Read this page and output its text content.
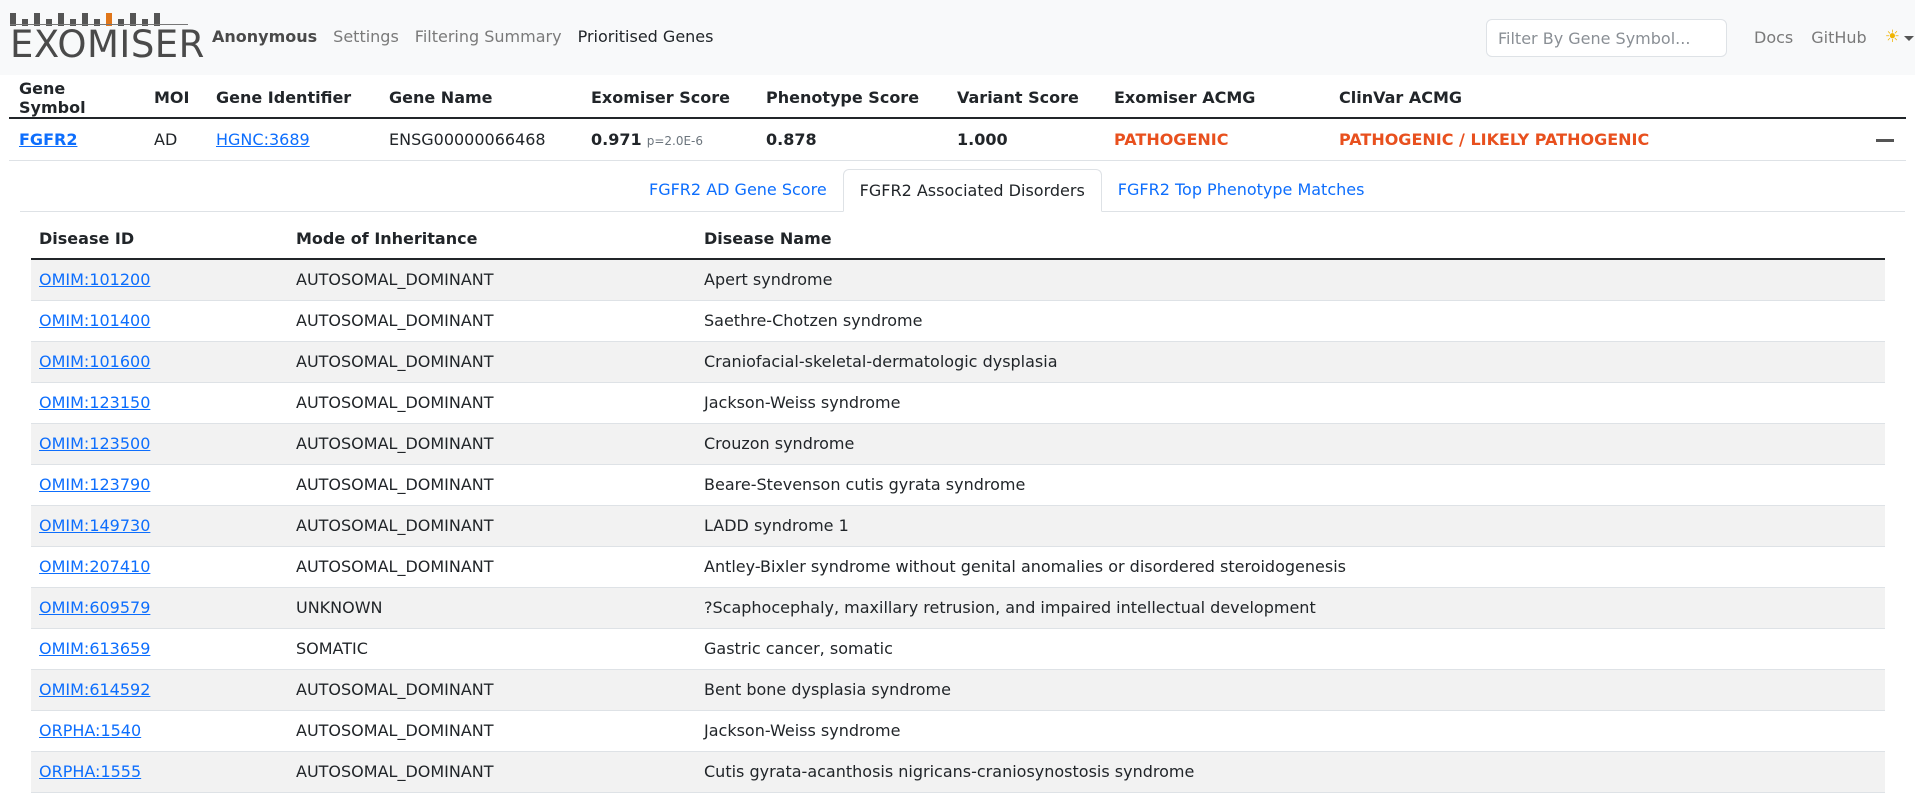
EXOMISER Anonymous Settings Filtering Summary Prioritised Genes
Filter By Gene Symbol...	Docs GitHub ☀
Gene Symbol	MOI	Gene Identifier	Gene Name	Exomiser Score	Phenotype Score	Variant Score	Exomiser ACMG	ClinVar ACMG	
FGFR2	AD	HGNC:3689	ENSG00000066468	0.971 p=2.0E-6	0.878	1.000	PATHOGENIC	PATHOGENIC / LIKELY PATHOGENIC	
FGFR2 AD Gene Score	FGFR2 Associated Disorders	FGFR2 Top Phenotype Matches
Disease ID	Mode of Inheritance	Disease Name
OMIM:101200	AUTOSOMAL_DOMINANT	Apert syndrome
OMIM:101400	AUTOSOMAL_DOMINANT	Saethre-Chotzen syndrome
OMIM:101600	AUTOSOMAL_DOMINANT	Craniofacial-skeletal-dermatologic dysplasia
OMIM:123150	AUTOSOMAL_DOMINANT	Jackson-Weiss syndrome
OMIM:123500	AUTOSOMAL_DOMINANT	Crouzon syndrome
OMIM:123790	AUTOSOMAL_DOMINANT	Beare-Stevenson cutis gyrata syndrome
OMIM:149730	AUTOSOMAL_DOMINANT	LADD syndrome 1
OMIM:207410	AUTOSOMAL_DOMINANT	Antley-Bixler syndrome without genital anomalies or disordered steroidogenesis
OMIM:609579	UNKNOWN	?Scaphocephaly, maxillary retrusion, and impaired intellectual development
OMIM:613659	SOMATIC	Gastric cancer, somatic
OMIM:614592	AUTOSOMAL_DOMINANT	Bent bone dysplasia syndrome
ORPHA:1540	AUTOSOMAL_DOMINANT	Jackson-Weiss syndrome
ORPHA:1555	AUTOSOMAL_DOMINANT	Cutis gyrata-acanthosis nigricans-craniosynostosis syndrome
